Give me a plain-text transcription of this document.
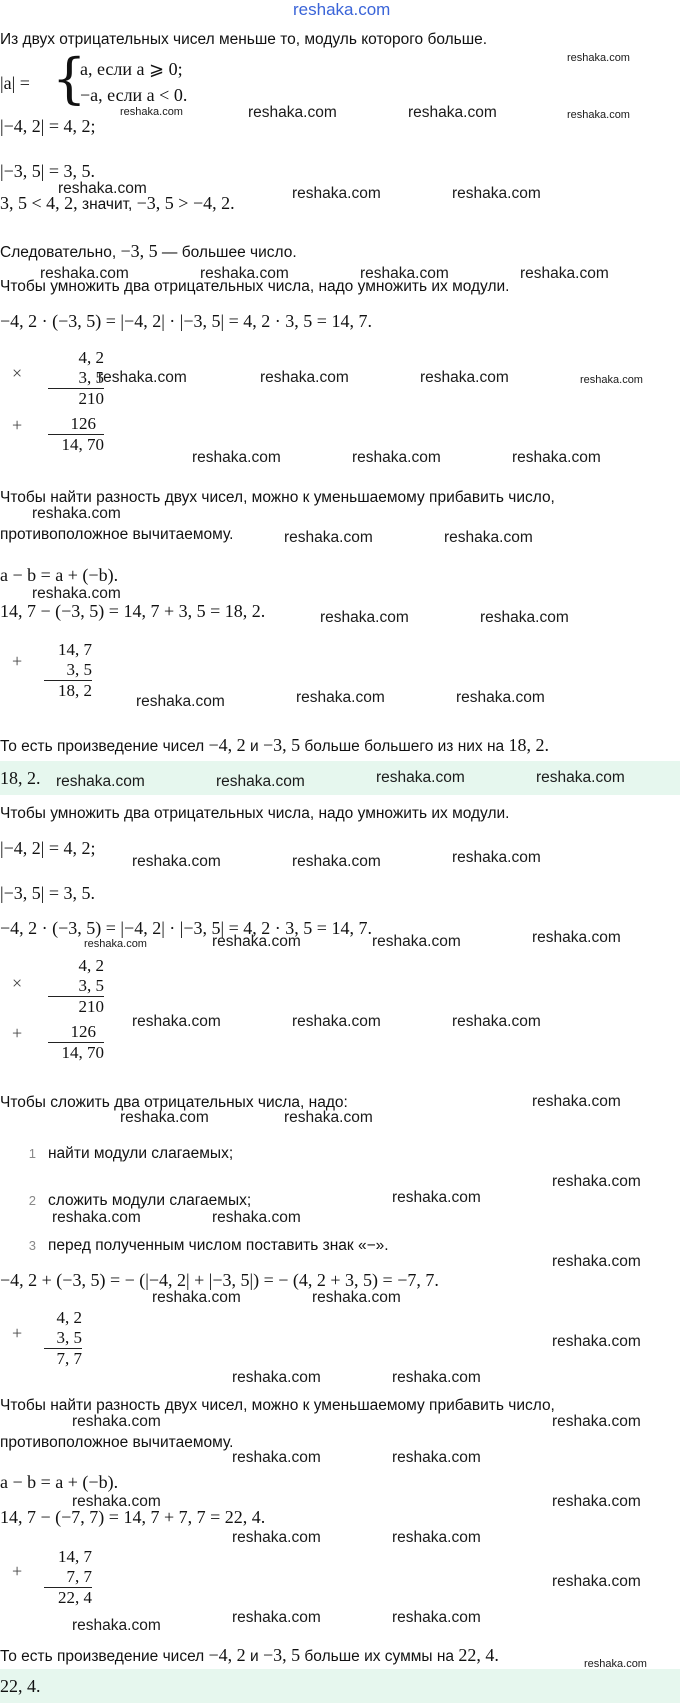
reshaka.com
Из двух отрицательных чисел меньше то, модуль которого больше.
|a| = {
a, если a ⩾ 0;
−a, если a < 0.
|−4, 2| = 4, 2;
|−3, 5| = 3, 5.
3, 5 < 4, 2, значит, −3, 5 > −4, 2.
Следовательно, −3, 5 — большее число.
Чтобы умножить два отрицательных числа, надо умножить их модули.
−4, 2 · (−3, 5) = |−4, 2| · |−3, 5| = 4, 2 · 3, 5 = 14, 7.
×
+
4, 2
3, 5
210
126
14, 70
Чтобы найти разность двух чисел, можно к уменьшаемому прибавить число,
противоположное вычитаемому.
a − b = a + (−b).
14, 7 − (−3, 5) = 14, 7 + 3, 5 = 18, 2.
+
14, 7
3, 5
18, 2
То есть произведение чисел −4, 2 и −3, 5 больше большего из них на 18, 2.
18, 2.
Чтобы умножить два отрицательных числа, надо умножить их модули.
|−4, 2| = 4, 2;
|−3, 5| = 3, 5.
−4, 2 · (−3, 5) = |−4, 2| · |−3, 5| = 4, 2 · 3, 5 = 14, 7.
×
+
4, 2
3, 5
210
126
14, 70
Чтобы сложить два отрицательных числа, надо:
1 найти модули слагаемых;
2 сложить модули слагаемых;
3 перед полученным числом поставить знак «−».
−4, 2 + (−3, 5) = − (|−4, 2| + |−3, 5|) = − (4, 2 + 3, 5) = −7, 7.
+
4, 2
3, 5
7, 7
Чтобы найти разность двух чисел, можно к уменьшаемому прибавить число,
противоположное вычитаемому.
a − b = a + (−b).
14, 7 − (−7, 7) = 14, 7 + 7, 7 = 22, 4.
+
14, 7
7, 7
22, 4
То есть произведение чисел −4, 2 и −3, 5 больше их суммы на 22, 4.
22, 4.
reshaka.com
reshaka.com	reshaka.com	reshaka.com	reshaka.com
reshaka.com	reshaka.com	reshaka.com
reshaka.com	reshaka.com	reshaka.com	reshaka.com
reshaka.com	reshaka.com	reshaka.com	reshaka.com
reshaka.com	reshaka.com	reshaka.com
reshaka.com
reshaka.com	reshaka.com
reshaka.com
reshaka.com	reshaka.com
reshaka.com	reshaka.com	reshaka.com
reshaka.com	reshaka.com	reshaka.com	reshaka.com
reshaka.com	reshaka.com	reshaka.com
reshaka.com	reshaka.com	reshaka.com	reshaka.com
reshaka.com	reshaka.com	reshaka.com
reshaka.com	reshaka.com
reshaka.com
reshaka.com
reshaka.com
reshaka.com	reshaka.com
reshaka.com
reshaka.com	reshaka.com
reshaka.com
reshaka.com	reshaka.com
reshaka.com	reshaka.com
reshaka.com	reshaka.com
reshaka.com	reshaka.com
reshaka.com	reshaka.com
reshaka.com
reshaka.com	reshaka.com
reshaka.com
reshaka.com
